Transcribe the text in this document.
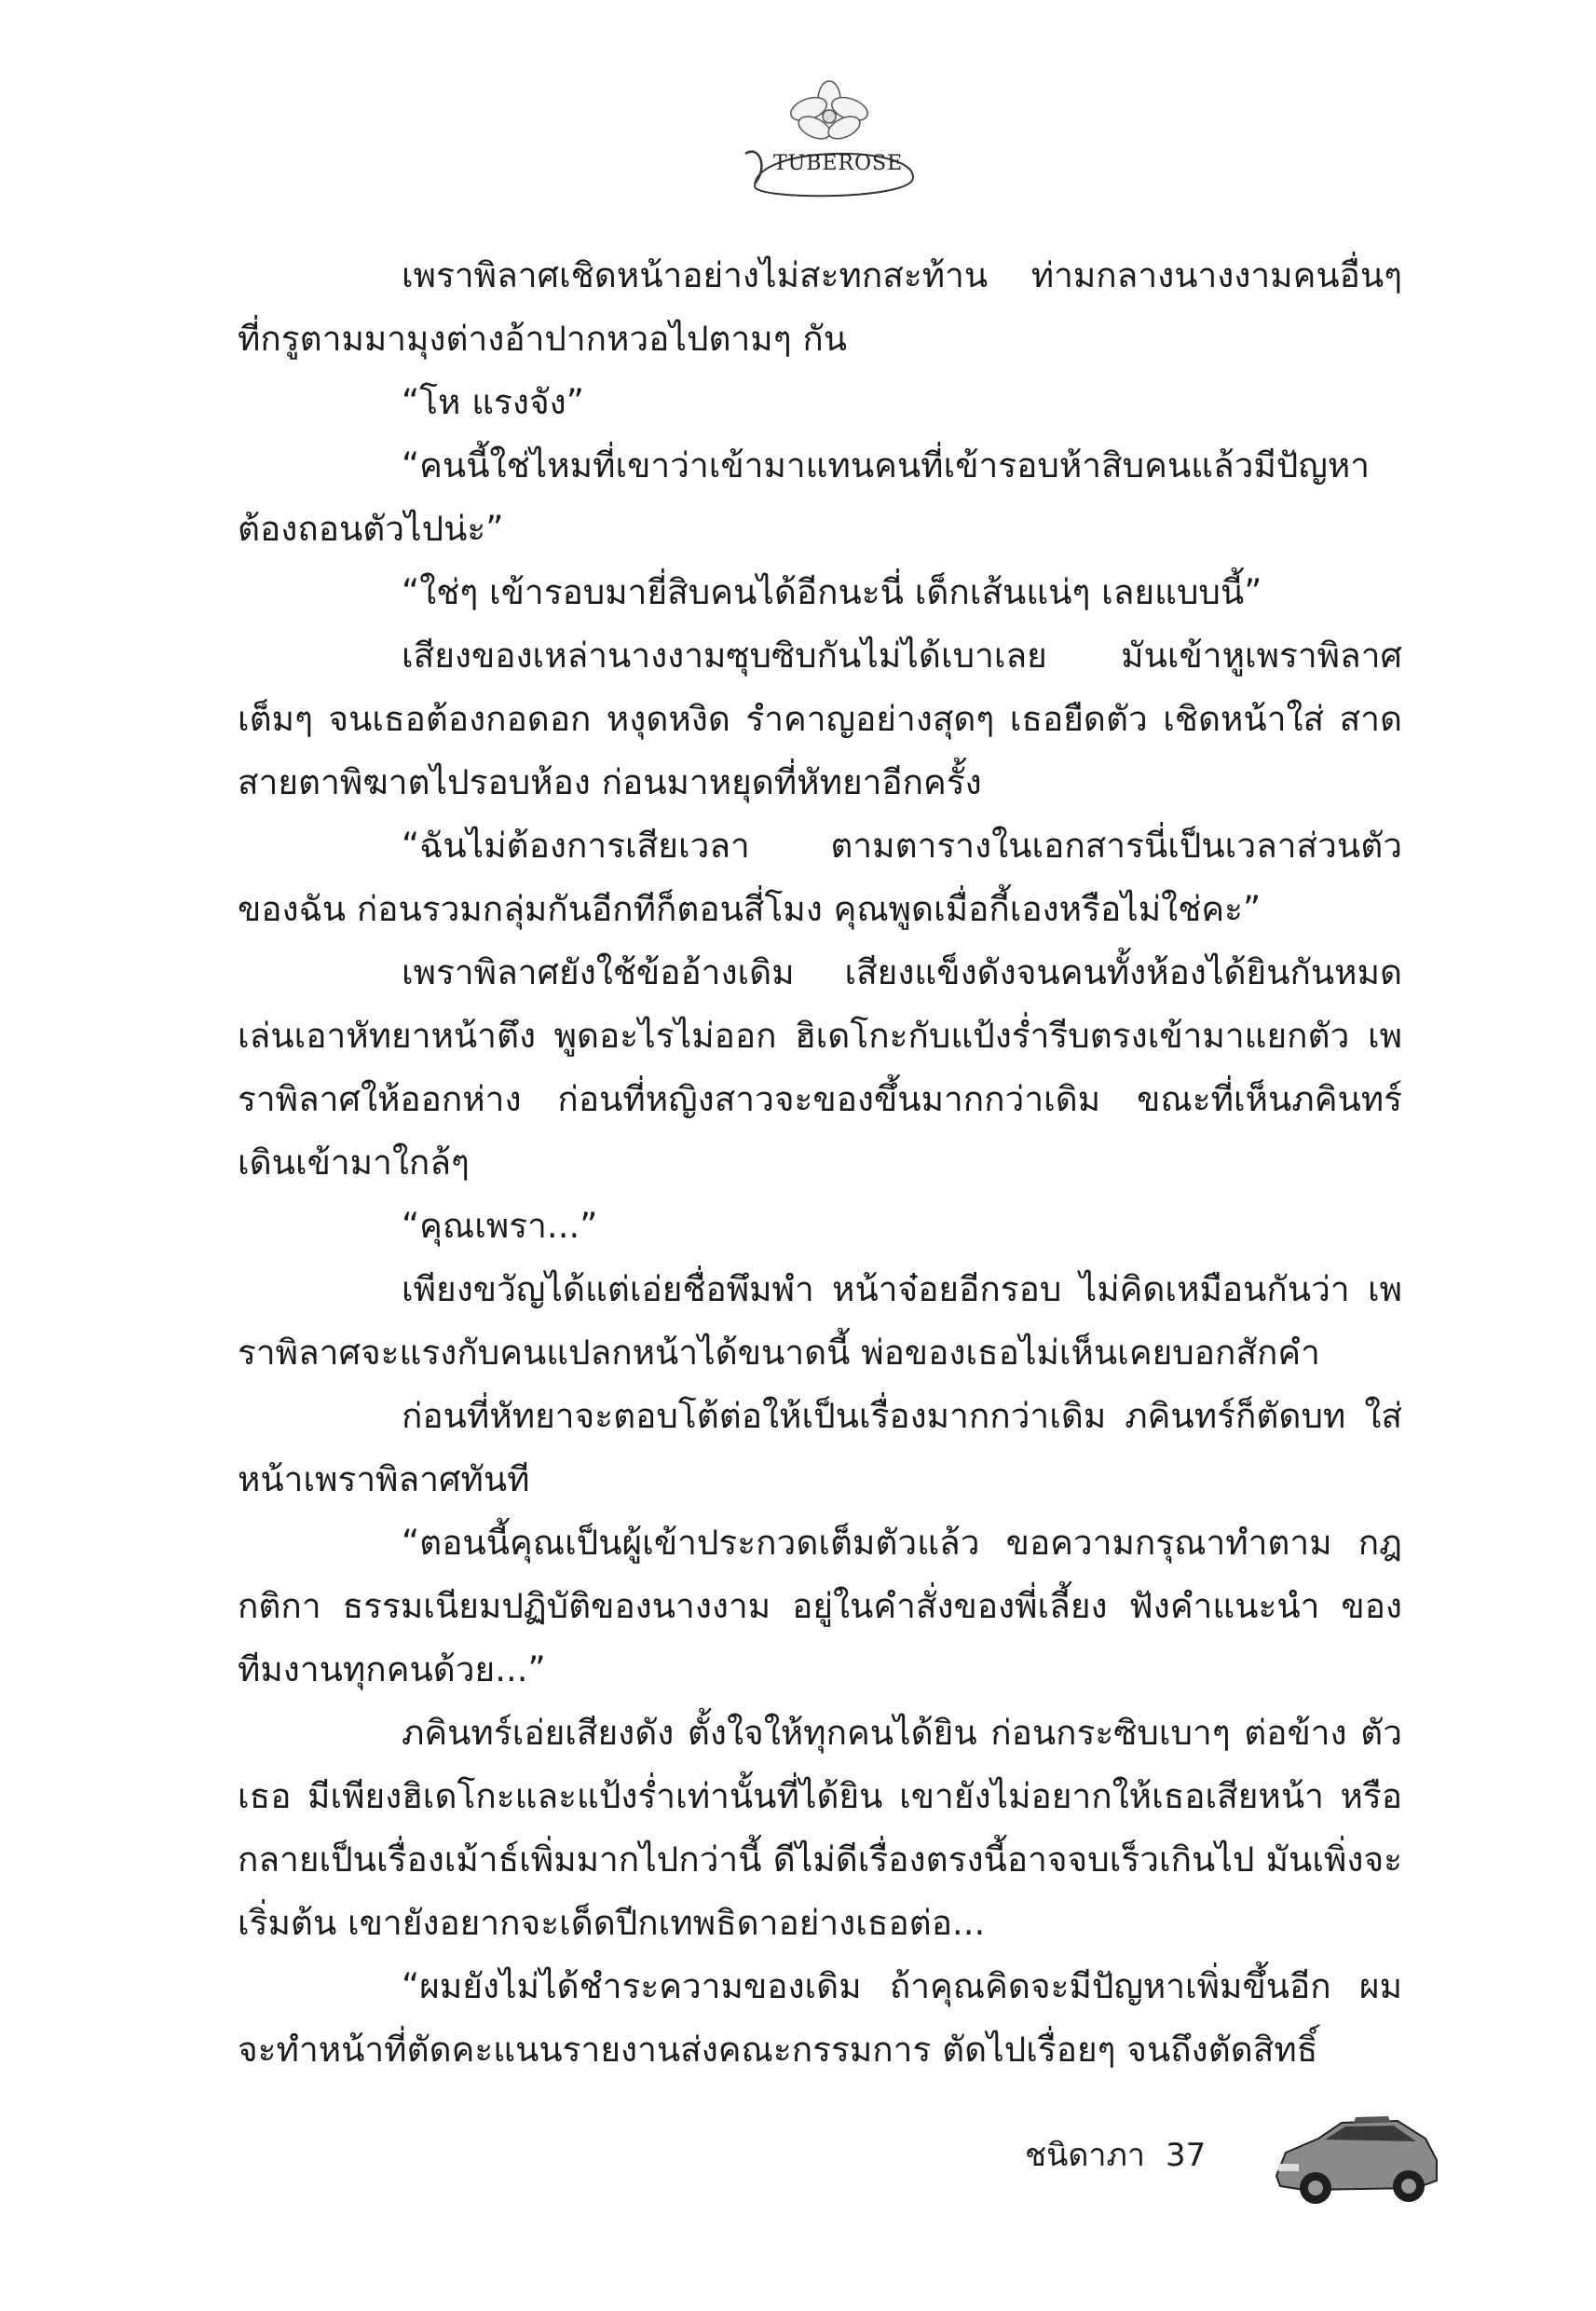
TUBEROSE

เพราพิลาศเชิดหน้าอย่างไม่สะทกสะท้าน ท่ามกลางนางงามคนอื่นๆ ที่กรูตามมามุงต่างอ้าปากหวอไปตามๆ กัน

“โห แรงจัง”

“คนนี้ใช่ไหมที่เขาว่าเข้ามาแทนคนที่เข้ารอบห้าสิบคนแล้วมีปัญหา ต้องถอนตัวไปน่ะ”

“ใช่ๆ เข้ารอบมายี่สิบคนได้อีกนะนี่ เด็กเส้นแน่ๆ เลยแบบนี้”

เสียงของเหล่านางงามซุบซิบกันไม่ได้เบาเลย มันเข้าหูเพราพิลาศ เต็มๆ จนเธอต้องกอดอก หงุดหงิด รำคาญอย่างสุดๆ เธอยืดตัว เชิดหน้าใส่ สาดสายตาพิฆาตไปรอบห้อง ก่อนมาหยุดที่หัทยาอีกครั้ง

“ฉันไม่ต้องการเสียเวลา ตามตารางในเอกสารนี่เป็นเวลาส่วนตัว ของฉัน ก่อนรวมกลุ่มกันอีกทีก็ตอนสี่โมง คุณพูดเมื่อกี้เองหรือไม่ใช่คะ”

เพราพิลาศยังใช้ข้ออ้างเดิม เสียงแข็งดังจนคนทั้งห้องได้ยินกันหมด เล่นเอาหัทยาหน้าตึง พูดอะไรไม่ออก ฮิเดโกะกับแป้งร่ำรีบตรงเข้ามาแยกตัว เพราพิลาศให้ออกห่าง ก่อนที่หญิงสาวจะของขึ้นมากกว่าเดิม ขณะที่เห็นภคินทร์ เดินเข้ามาใกล้ๆ

“คุณเพรา...”

เพียงขวัญได้แต่เอ่ยชื่อพึมพำ หน้าจ๋อยอีกรอบ ไม่คิดเหมือนกันว่า เพราพิลาศจะแรงกับคนแปลกหน้าได้ขนาดนี้ พ่อของเธอไม่เห็นเคยบอกสักคำ

ก่อนที่หัทยาจะตอบโต้ต่อให้เป็นเรื่องมากกว่าเดิม ภคินทร์ก็ตัดบท ใส่หน้าเพราพิลาศทันที

“ตอนนี้คุณเป็นผู้เข้าประกวดเต็มตัวแล้ว ขอความกรุณาทำตาม กฎ กติกา ธรรมเนียมปฏิบัติของนางงาม อยู่ในคำสั่งของพี่เลี้ยง ฟังคำแนะนำ ของทีมงานทุกคนด้วย...”

ภคินทร์เอ่ยเสียงดัง ตั้งใจให้ทุกคนได้ยิน ก่อนกระซิบเบาๆ ต่อข้าง ตัวเธอ มีเพียงฮิเดโกะและแป้งร่ำเท่านั้นที่ได้ยิน เขายังไม่อยากให้เธอเสียหน้า หรือกลายเป็นเรื่องเม้าธ์เพิ่มมากไปกว่านี้ ดีไม่ดีเรื่องตรงนี้อาจจบเร็วเกินไป มันเพิ่งจะเริ่มต้น เขายังอยากจะเด็ดปีกเทพธิดาอย่างเธอต่อ...

“ผมยังไม่ได้ชำระความของเดิม ถ้าคุณคิดจะมีปัญหาเพิ่มขึ้นอีก ผม จะทำหน้าที่ตัดคะแนนรายงานส่งคณะกรรมการ ตัดไปเรื่อยๆ จนถึงตัดสิทธิ์

ชนิดาภา 37
